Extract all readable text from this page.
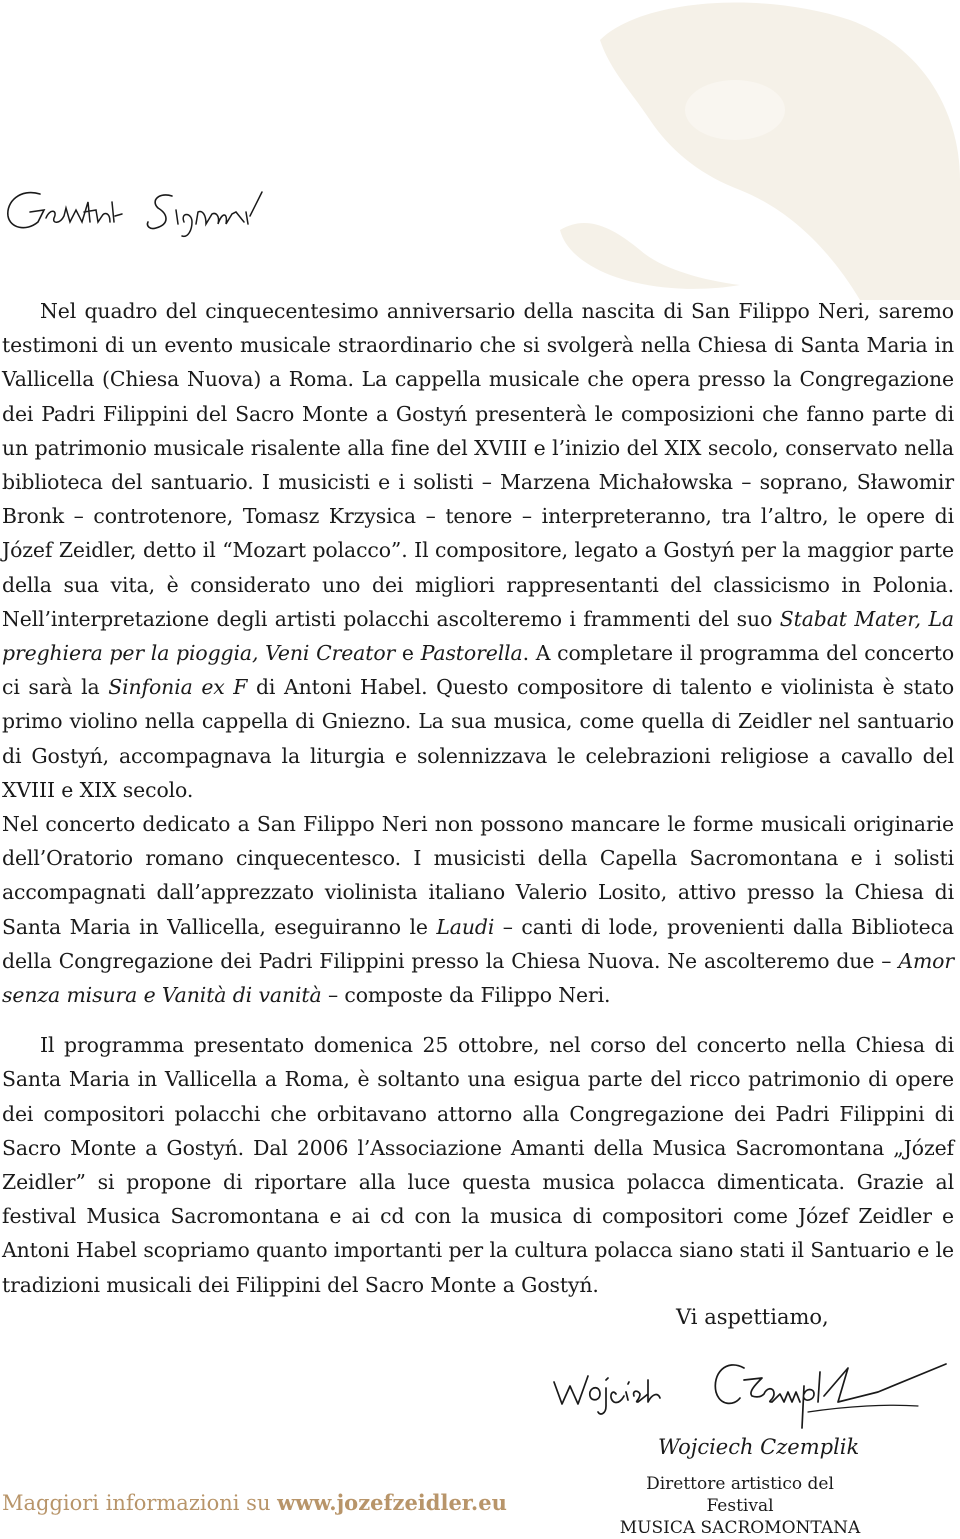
Nel quadro del cinquecentesimo anniversario della nascita di San Filippo Neri, saremo testimoni di un evento musicale straordinario che si svolgerà nella Chiesa di Santa Maria in Vallicella (Chiesa Nuova) a Roma. La cappella musicale che opera presso la Congregazione dei Padri Filippini del Sacro Monte a Gostyń presenterà le composizioni che fanno parte di un patrimonio musicale risalente alla fine del XVIII e l’inizio del XIX secolo, conservato nella biblioteca del santuario. I musicisti e i solisti – Marzena Michałowska – soprano, Sławomir Bronk – controtenore, Tomasz Krzysica – tenore – interpreteranno, tra l’altro, le opere di Józef Zeidler, detto il “Mozart polacco”. Il compositore, legato a Gostyń per la maggior parte della sua vita, è considerato uno dei migliori rappresentanti del classicismo in Polonia. Nell’interpretazione degli artisti polacchi ascolteremo i frammenti del suo Stabat Mater, La preghiera per la pioggia, Veni Creator e Pastorella. A completare il programma del concerto ci sarà la Sinfonia ex F di Antoni Habel. Questo compositore di talento e violinista è stato primo violino nella cappella di Gniezno. La sua musica, come quella di Zeidler nel santuario di Gostyń, accompagnava la liturgia e solennizzava le celebrazioni religiose a cavallo del XVIII e XIX secolo.

Nel concerto dedicato a San Filippo Neri non possono mancare le forme musicali originarie dell’Oratorio romano cinquecentesco. I musicisti della Capella Sacromontana e i solisti accompagnati dall’apprezzato violinista italiano Valerio Losito, attivo presso la Chiesa di Santa Maria in Vallicella, eseguiranno le Laudi – canti di lode, provenienti dalla Biblioteca della Congregazione dei Padri Filippini presso la Chiesa Nuova. Ne ascolteremo due – Amor senza misura e Vanità di vanità – composte da Filippo Neri.

Il programma presentato domenica 25 ottobre, nel corso del concerto nella Chiesa di Santa Maria in Vallicella a Roma, è soltanto una esigua parte del ricco patrimonio di opere dei compositori polacchi che orbitavano attorno alla Congregazione dei Padri Filippini di Sacro Monte a Gostyń. Dal 2006 l’Associazione Amanti della Musica Sacromontana „Józef Zeidler” si propone di riportare alla luce questa musica polacca dimenticata. Grazie al festival Musica Sacromontana e ai cd con la musica di compositori come Józef Zeidler e Antoni Habel scopriamo quanto importanti per la cultura polacca siano stati il Santuario e le tradizioni musicali dei Filippini del Sacro Monte a Gostyń.

Vi aspettiamo,
Wojciech Czemplik
Direttore artistico del Festival
MUSICA SACROMONTANA
Maggiori informazioni su www.jozefzeidler.eu
